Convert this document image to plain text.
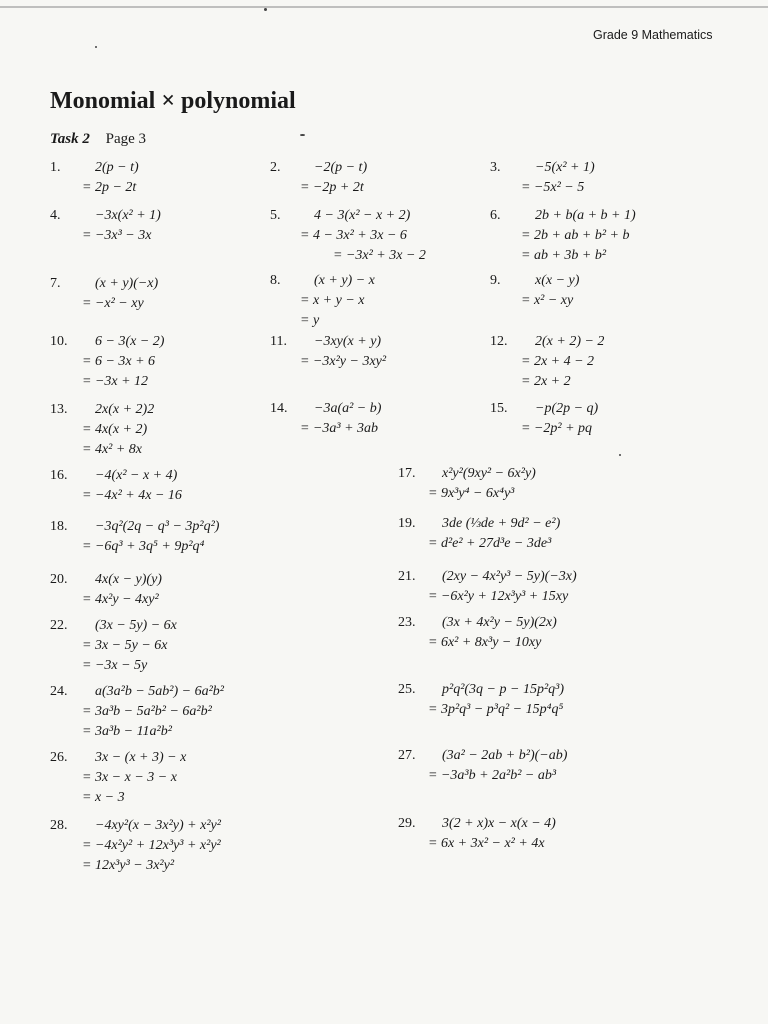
Grade 9 Mathematics
Monomial × polynomial
Task 2 Page 3
1. 2(p − t)
= 2p − 2t
2. −2(p − t)
= −2p + 2t
3. −5(x² + 1)
= −5x² − 5
4. −3x(x² + 1)
= −3x³ − 3x
5. 4 − 3(x² − x + 2)
= 4 − 3x² + 3x − 6
= −3x² + 3x − 2
6. 2b + b(a + b + 1)
= 2b + ab + b² + b
= ab + 3b + b²
7. (x + y)(−x)
= −x² − xy
8. (x + y) − x
= x + y − x
= y
9. x(x − y)
= x² − xy
10. 6 − 3(x − 2)
= 6 − 3x + 6
= −3x + 12
11. −3xy(x + y)
= −3x²y − 3xy²
12. 2(x + 2) − 2
= 2x + 4 − 2
= 2x + 2
13. 2x(x + 2)2
= 4x(x + 2)
= 4x² + 8x
14. −3a(a² − b)
= −3a³ + 3ab
15. −p(2p − q)
= −2p² + pq
16. −4(x² − x + 4)
= −4x² + 4x − 16
17. x²y²(9xy² − 6x²y)
= 9x³y⁴ − 6x⁴y³
18. −3q²(2q − q³ − 3p²q²)
= −6q³ + 3q⁵ + 9p²q⁴
19. 3de (⅓de + 9d² − e²)
= d²e² + 27d³e − 3de³
20. 4x(x − y)(y)
= 4x²y − 4xy²
21. (2xy − 4x²y³ − 5y)(−3x)
= −6x²y + 12x³y³ + 15xy
22. (3x − 5y) − 6x
= 3x − 5y − 6x
= −3x − 5y
23. (3x + 4x²y − 5y)(2x)
= 6x² + 8x³y − 10xy
24. a(3a²b − 5ab²) − 6a²b²
= 3a³b − 5a²b² − 6a²b²
= 3a³b − 11a²b²
25. p²q²(3q − p − 15p²q³)
= 3p²q³ − p³q² − 15p⁴q⁵
26. 3x − (x + 3) − x
= 3x − x − 3 − x
= x − 3
27. (3a² − 2ab + b²)(−ab)
= −3a³b + 2a²b² − ab³
28. −4xy²(x − 3x²y) + x²y²
= −4x²y² + 12x³y³ + x²y²
= 12x³y³ − 3x²y²
29. 3(2 + x)x − x(x − 4)
= 6x + 3x² − x² + 4x
